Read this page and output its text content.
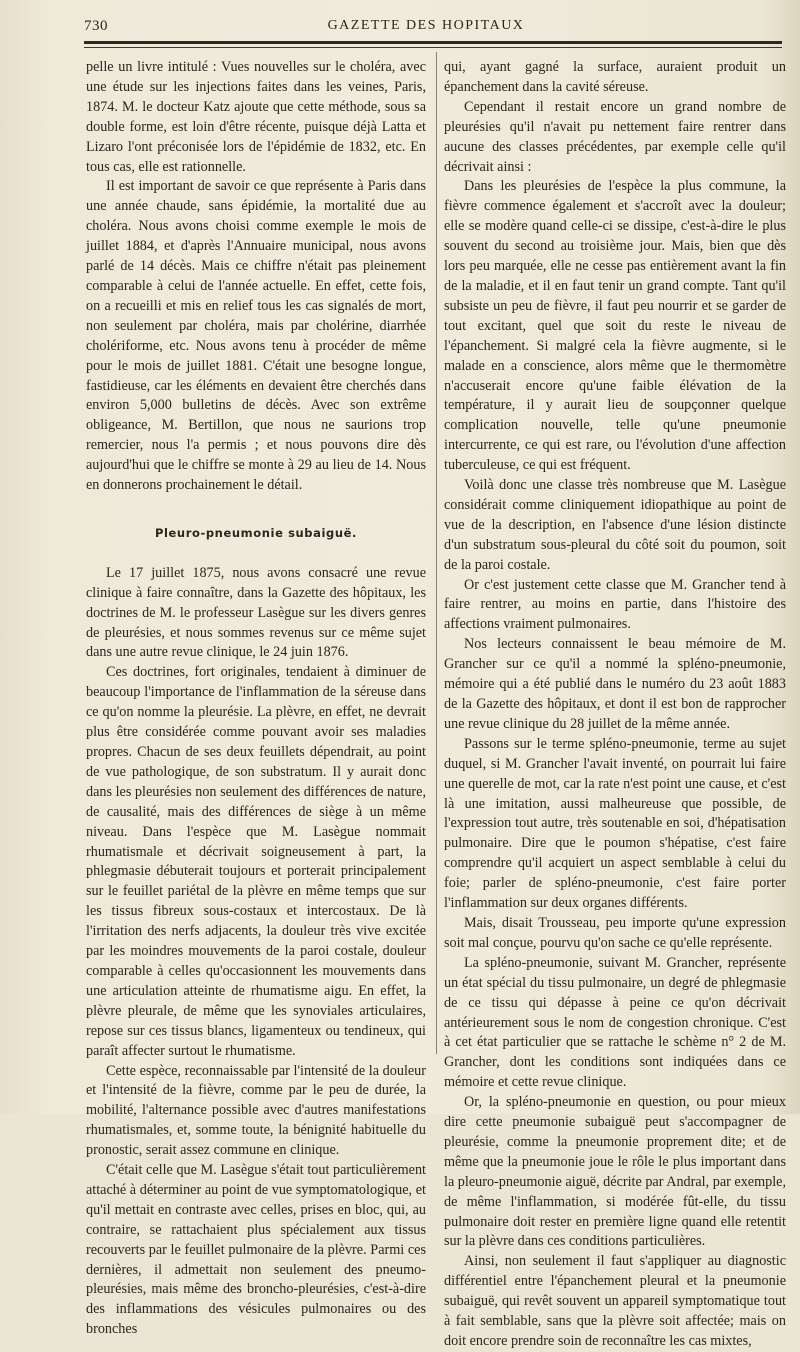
730	GAZETTE DES HOPITAUX

pelle un livre intitulé : Vues nouvelles sur le choléra, avec une étude sur les injections faites dans les veines, Paris, 1874. M. le docteur Katz ajoute que cette méthode, sous sa double forme, est loin d'être récente, puisque déjà Latta et Lizaro l'ont préconisée lors de l'épidémie de 1832, etc. En tous cas, elle est rationnelle.

Il est important de savoir ce que représente à Paris dans une année chaude, sans épidémie, la mortalité due au choléra. Nous avons choisi comme exemple le mois de juillet 1884, et d'après l'Annuaire municipal, nous avons parlé de 14 décès. Mais ce chiffre n'était pas pleinement comparable à celui de l'année actuelle. En effet, cette fois, on a recueilli et mis en relief tous les cas signalés de mort, non seulement par choléra, mais par cholérine, diarrhée cholériforme, etc. Nous avons tenu à procéder de même pour le mois de juillet 1881. C'était une besogne longue, fastidieuse, car les éléments en devaient être cherchés dans environ 5,000 bulletins de décès. Avec son extrême obligeance, M. Bertillon, que nous ne saurions trop remercier, nous l'a permis ; et nous pouvons dire dès aujourd'hui que le chiffre se monte à 29 au lieu de 14. Nous en donnerons prochainement le détail.

Pleuro-pneumonie subaiguë.

Le 17 juillet 1875, nous avons consacré une revue clinique à faire connaître, dans la Gazette des hôpitaux, les doctrines de M. le professeur Lasègue sur les divers genres de pleurésies, et nous sommes revenus sur ce même sujet dans une autre revue clinique, le 24 juin 1876.

Ces doctrines, fort originales, tendaient à diminuer de beaucoup l'importance de l'inflammation de la séreuse dans ce qu'on nomme la pleurésie. La plèvre, en effet, ne devrait plus être considérée comme pouvant avoir ses maladies propres. Chacun de ses deux feuillets dépendrait, au point de vue pathologique, de son substratum. Il y aurait donc dans les pleurésies non seulement des différences de nature, de causalité, mais des différences de siège à un même niveau. Dans l'espèce que M. Lasègue nommait rhumatismale et décrivait soigneusement à part, la phlegmasie débuterait toujours et porterait principalement sur le feuillet pariétal de la plèvre en même temps que sur les tissus fibreux sous-costaux et intercostaux. De là l'irritation des nerfs adjacents, la douleur très vive excitée par les moindres mouvements de la paroi costale, douleur comparable à celles qu'occasionnent les mouvements dans une articulation atteinte de rhumatisme aigu. En effet, la plèvre pleurale, de même que les synoviales articulaires, repose sur ces tissus blancs, ligamenteux ou tendineux, qui paraît affecter surtout le rhumatisme.

Cette espèce, reconnaissable par l'intensité de la douleur et l'intensité de la fièvre, comme par le peu de durée, la mobilité, l'alternance possible avec d'autres manifestations rhumatismales, et, somme toute, la bénignité habituelle du pronostic, serait assez commune en clinique.

C'était celle que M. Lasègue s'était tout particulièrement attaché à déterminer au point de vue symptomatologique, et qu'il mettait en contraste avec celles, prises en bloc, qui, au contraire, se rattachaient plus spécialement aux tissus recouverts par le feuillet pulmonaire de la plèvre. Parmi ces dernières, il admettait non seulement des pneumo-pleurésies, mais même des broncho-pleurésies, c'est-à-dire des inflammations des vésicules pulmonaires ou des bronches

qui, ayant gagné la surface, auraient produit un épanchement dans la cavité séreuse.

Cependant il restait encore un grand nombre de pleurésies qu'il n'avait pu nettement faire rentrer dans aucune des classes précédentes, par exemple celle qu'il décrivait ainsi :

Dans les pleurésies de l'espèce la plus commune, la fièvre commence également et s'accroît avec la douleur; elle se modère quand celle-ci se dissipe, c'est-à-dire le plus souvent du second au troisième jour. Mais, bien que dès lors peu marquée, elle ne cesse pas entièrement avant la fin de la maladie, et il en faut tenir un grand compte. Tant qu'il subsiste un peu de fièvre, il faut peu nourrir et se garder de tout excitant, quel que soit du reste le niveau de l'épanchement. Si malgré cela la fièvre augmente, si le malade en a conscience, alors même que le thermomètre n'accuserait encore qu'une faible élévation de la température, il y aurait lieu de soupçonner quelque complication nouvelle, telle qu'une pneumonie intercurrente, ce qui est rare, ou l'évolution d'une affection tuberculeuse, ce qui est fréquent.

Voilà donc une classe très nombreuse que M. Lasègue considérait comme cliniquement idiopathique au point de vue de la description, en l'absence d'une lésion distincte d'un substratum sous-pleural du côté soit du poumon, soit de la paroi costale.

Or c'est justement cette classe que M. Grancher tend à faire rentrer, au moins en partie, dans l'histoire des affections vraiment pulmonaires.

Nos lecteurs connaissent le beau mémoire de M. Grancher sur ce qu'il a nommé la spléno-pneumonie, mémoire qui a été publié dans le numéro du 23 août 1883 de la Gazette des hôpitaux, et dont il est bon de rapprocher une revue clinique du 28 juillet de la même année.

Passons sur le terme spléno-pneumonie, terme au sujet duquel, si M. Grancher l'avait inventé, on pourrait lui faire une querelle de mot, car la rate n'est point une cause, et c'est là une imitation, aussi malheureuse que possible, de l'expression tout autre, très soutenable en soi, d'hépatisation pulmonaire. Dire que le poumon s'hépatise, c'est faire comprendre qu'il acquiert un aspect semblable à celui du foie; parler de spléno-pneumonie, c'est faire porter l'inflammation sur deux organes différents.

Mais, disait Trousseau, peu importe qu'une expression soit mal conçue, pourvu qu'on sache ce qu'elle représente.

La spléno-pneumonie, suivant M. Grancher, représente un état spécial du tissu pulmonaire, un degré de phlegmasie de ce tissu qui dépasse à peine ce qu'on décrivait antérieurement sous le nom de congestion chronique. C'est à cet état particulier que se rattache le schème n° 2 de M. Grancher, dont les conditions sont indiquées dans ce mémoire et cette revue clinique.

Or, la spléno-pneumonie en question, ou pour mieux dire cette pneumonie subaiguë peut s'accompagner de pleurésie, comme la pneumonie proprement dite; et de même que la pneumonie joue le rôle le plus important dans la pleuro-pneumonie aiguë, décrite par Andral, par exemple, de même l'inflammation, si modérée fût-elle, du tissu pulmonaire doit rester en première ligne quand elle retentit sur la plèvre dans ces conditions particulières.

Ainsi, non seulement il faut s'appliquer au diagnostic différentiel entre l'épanchement pleural et la pneumonie subaiguë, qui revêt souvent un appareil symptomatique tout à fait semblable, sans que la plèvre soit affectée; mais on doit encore prendre soin de reconnaître les cas mixtes,
